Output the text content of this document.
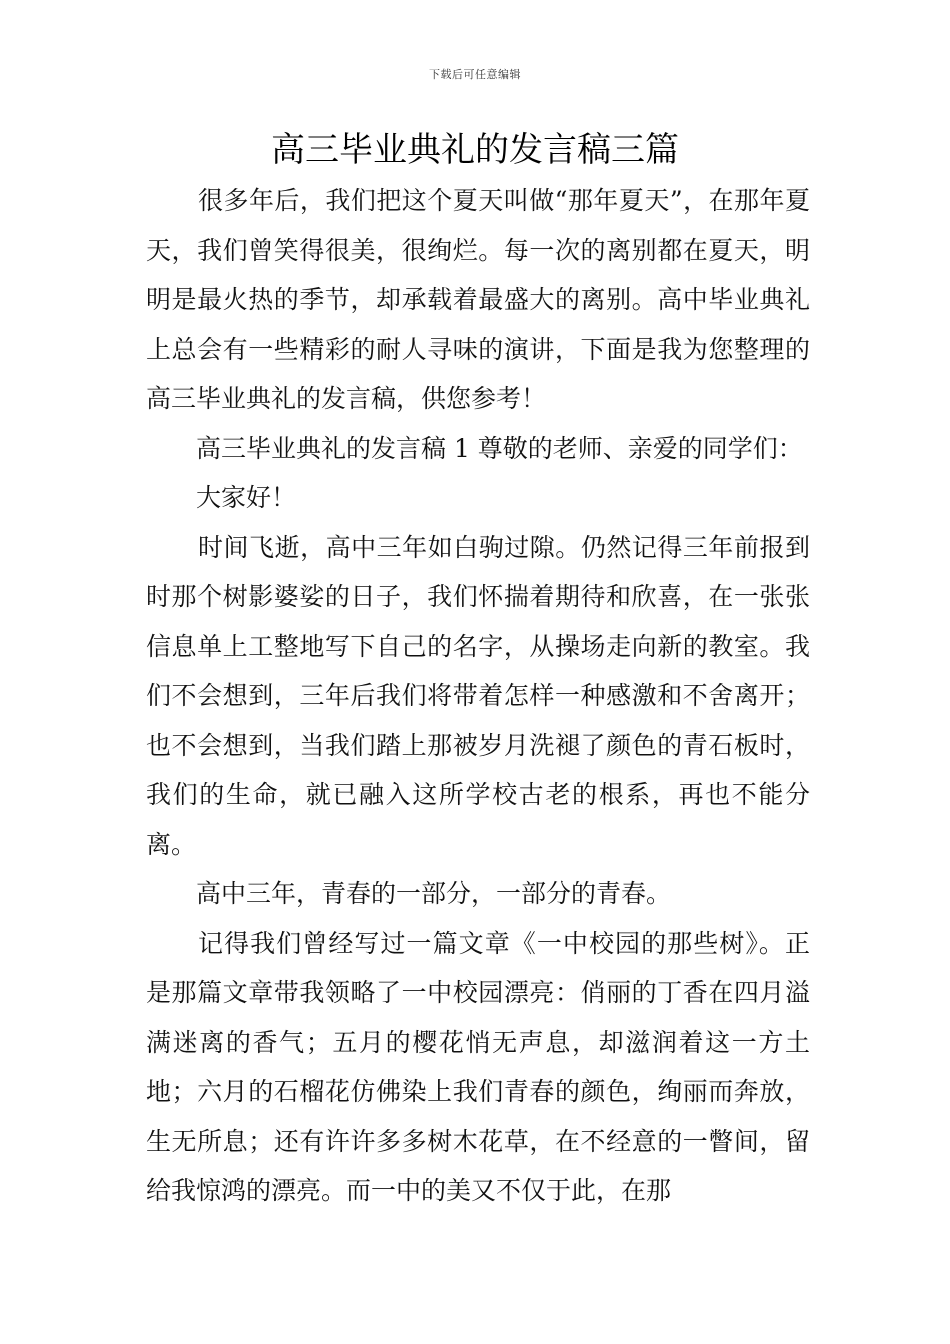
下载后可任意编辑
高三毕业典礼的发言稿三篇

很多年后，我们把这个夏天叫做“那年夏天”，在那年夏天，我们曾笑得很美，很绚烂。每一次的离别都在夏天，明明是最火热的季节，却承载着最盛大的离别。高中毕业典礼上总会有一些精彩的耐人寻味的演讲，下面是我为您整理的高三毕业典礼的发言稿，供您参考！

高三毕业典礼的发言稿 1 尊敬的老师、亲爱的同学们：

大家好！

时间飞逝，高中三年如白驹过隙。仍然记得三年前报到时那个树影婆娑的日子，我们怀揣着期待和欣喜，在一张张信息单上工整地写下自己的名字，从操场走向新的教室。我们不会想到，三年后我们将带着怎样一种感激和不舍离开；也不会想到，当我们踏上那被岁月洗褪了颜色的青石板时，我们的生命，就已融入这所学校古老的根系，再也不能分离。

高中三年，青春的一部分，一部分的青春。

记得我们曾经写过一篇文章《一中校园的那些树》。正是那篇文章带我领略了一中校园漂亮：俏丽的丁香在四月溢满迷离的香气；五月的樱花悄无声息，却滋润着这一方土地；六月的石榴花仿佛染上我们青春的颜色，绚丽而奔放，生无所息；还有许许多多树木花草，在不经意的一瞥间，留给我惊鸿的漂亮。而一中的美又不仅于此，在那
